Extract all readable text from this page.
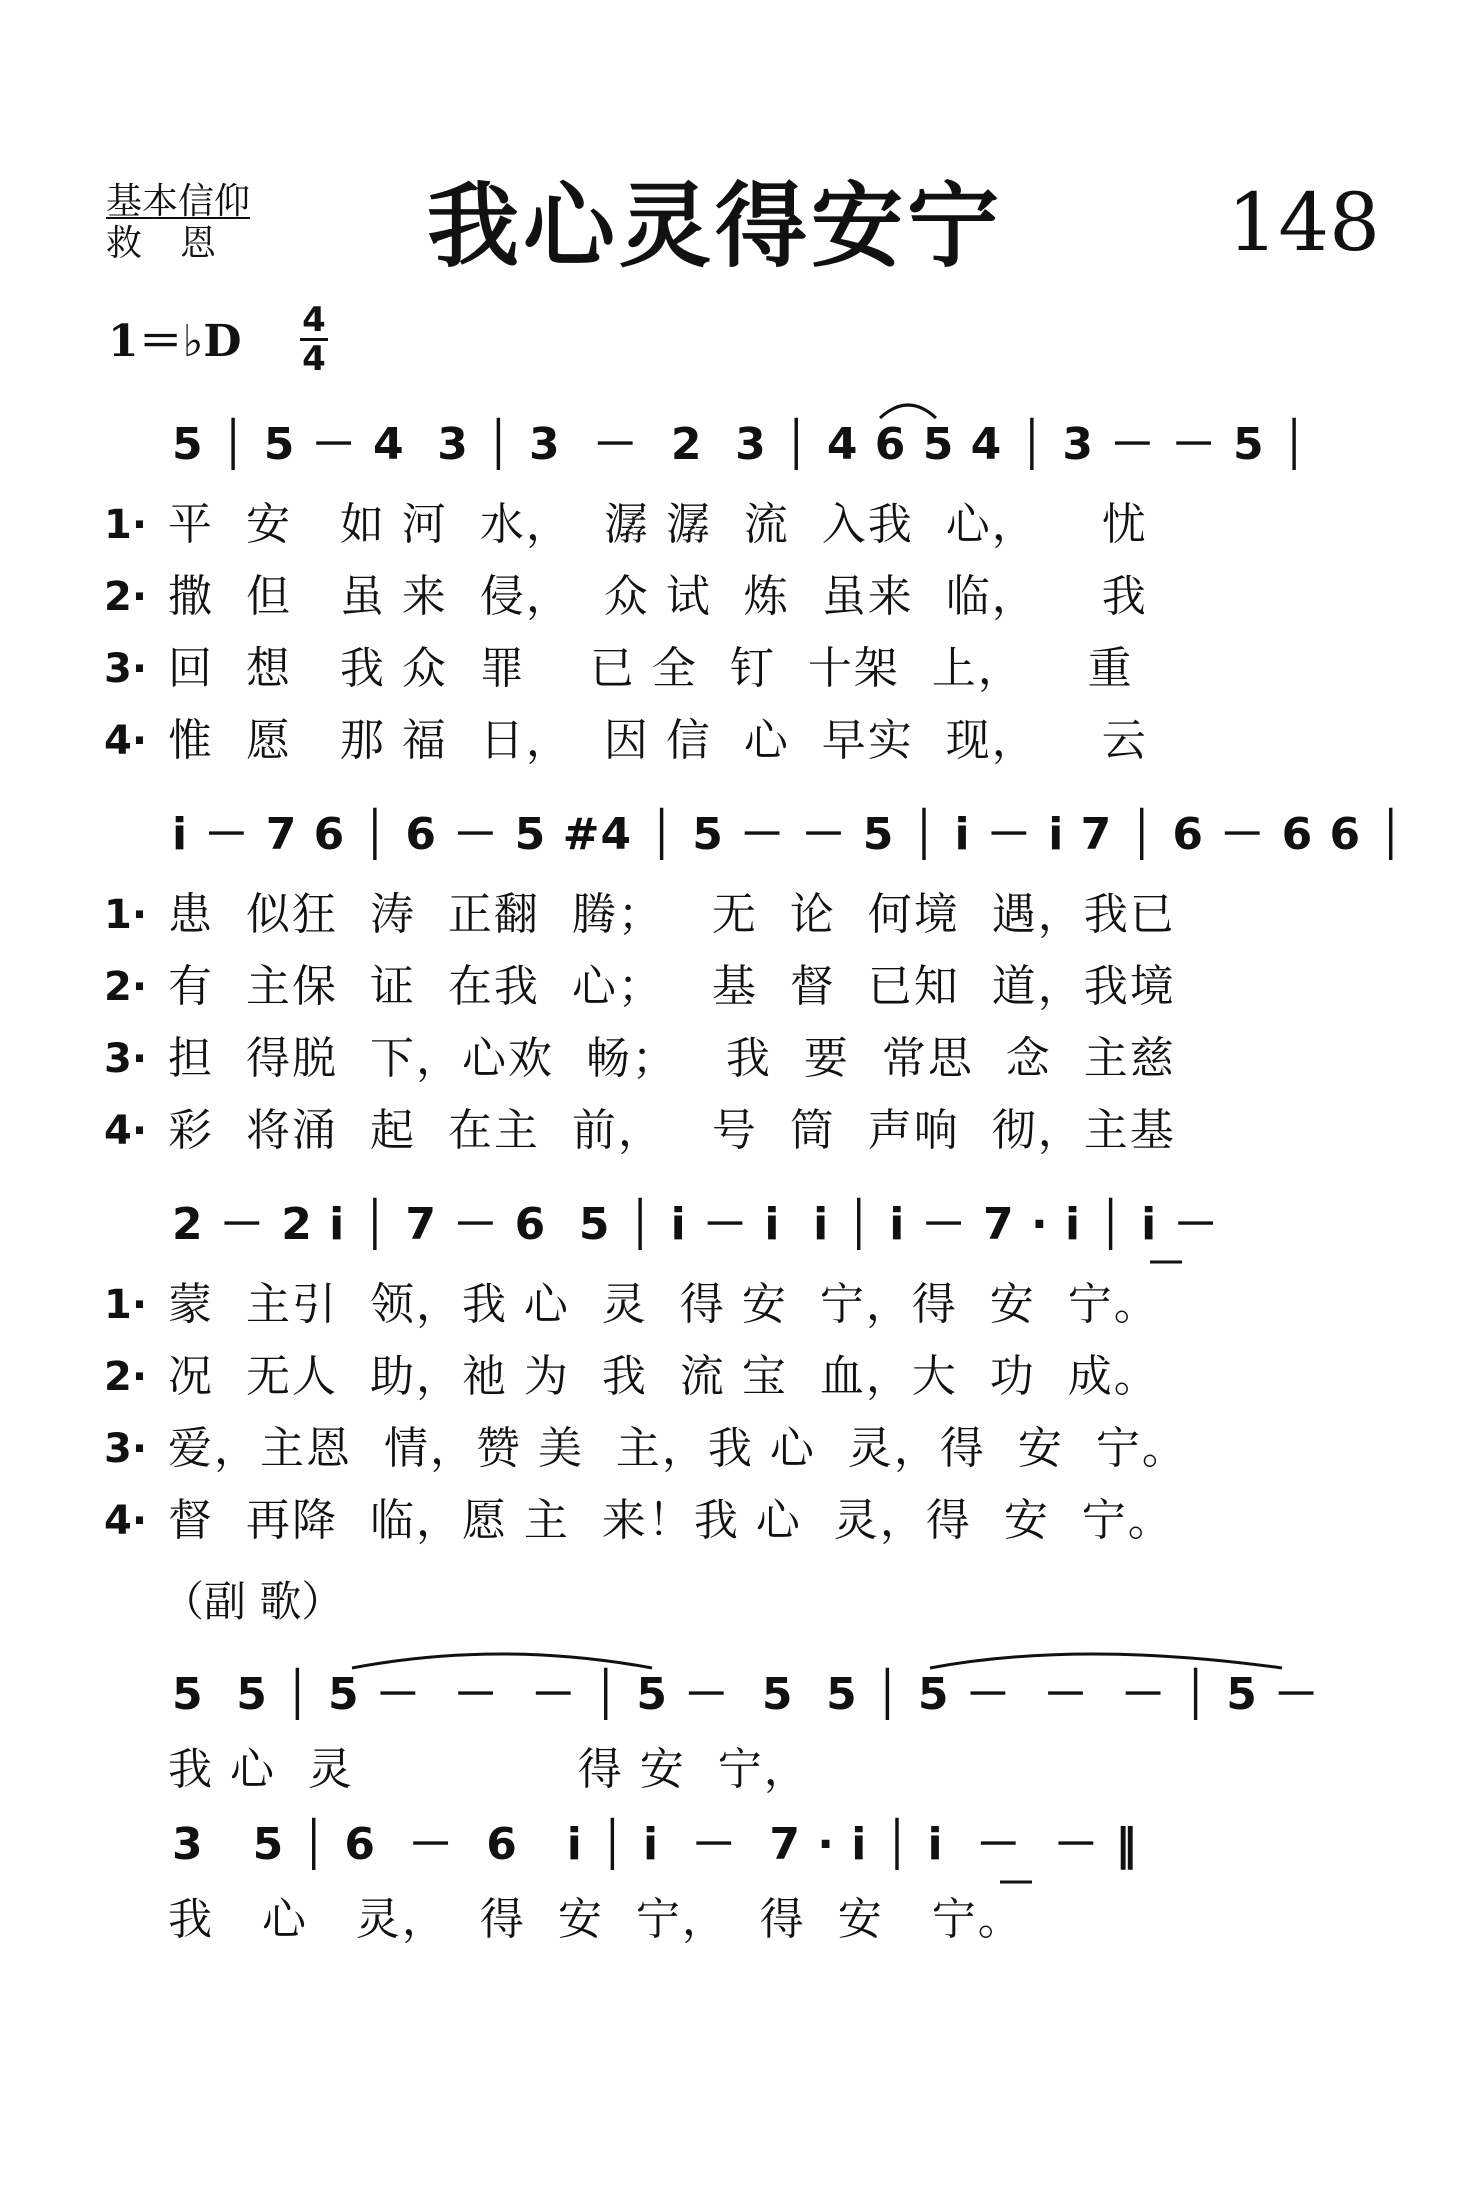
基本信仰
救恩	我心灵得安宁	148
1＝♭D 4
4
5 │ 5 － 4  3 │ 3  －  2  3 │ 4 6 5 4 │ 3 － － 5 │
1· 平  安   如 河  水，  潺 潺  流  入我  心，    忧
2· 撒  但   虽 来  侵，  众 试  炼  虽来  临，    我
3· 回  想   我 众  罪    已 全  钉  十架  上，    重
4· 惟  愿   那 福  日，  因 信  心  早实  现，    云
i － 7 6 │ 6 － 5 #4 │ 5 － － 5 │ i － i 7 │ 6 － 6 6 │
1· 患  似狂  涛  正翻  腾；   无  论  何境  遇，我已
2· 有  主保  证  在我  心；   基  督  已知  道，我境
3· 担  得脱  下，心欢  畅；   我  要  常思  念  主慈
4· 彩  将涌  起  在主  前，   号  筒  声响  彻，主基
2 － 2 i │ 7 － 6  5 │ i － i  i │ i － 7 · i │ i －
1· 蒙  主引  领，我 心  灵  得 安  宁，得  安  宁。
2· 况  无人  助，祂 为  我  流 宝  血，大  功  成。
3· 爱，主恩  情，赞 美  主，我 心  灵，得  安  宁。
4· 督  再降  临，愿 主  来！我 心  灵，得  安  宁。
（副 歌）
5  5 │ 5 －  －  － │ 5 －  5  5 │ 5 －  －  － │ 5 －
我 心  灵              得 安  宁，
3   5 │ 6  －  6   i │ i  －  7 · i │ i  －  － ‖
我   心   灵，  得  安  宁，  得  安   宁。
